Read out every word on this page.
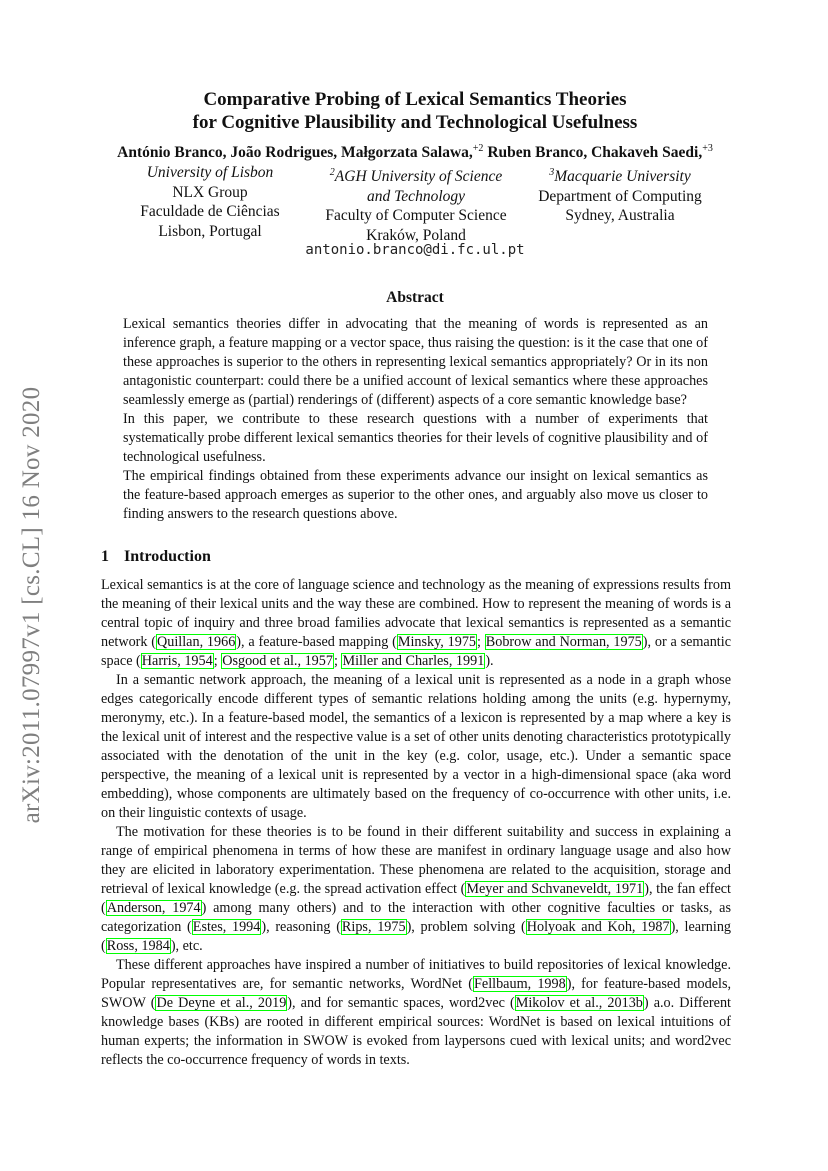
arXiv:2011.07997v1 [cs.CL] 16 Nov 2020
Comparative Probing of Lexical Semantics Theories
for Cognitive Plausibility and Technological Usefulness
António Branco, João Rodrigues, Małgorzata Salawa,$^{+2}$ Ruben Branco, Chakaveh Saedi,$^{+3}$
University of Lisbon
NLX Group
Faculdade de Ciências
Lisbon, Portugal
$^2$AGH University of Science
and Technology
Faculty of Computer Science
Kraków, Poland
$^3$Macquarie University
Department of Computing
Sydney, Australia
antonio.branco@di.fc.ul.pt
Abstract

Lexical semantics theories differ in advocating that the meaning of words is represented as an inference graph, a feature mapping or a vector space, thus raising the question: is it the case that one of these approaches is superior to the others in representing lexical semantics appropriately? Or in its non antagonistic counterpart: could there be a unified account of lexical semantics where these approaches seamlessly emerge as (partial) renderings of (different) aspects of a core semantic knowledge base?

In this paper, we contribute to these research questions with a number of experiments that systematically probe different lexical semantics theories for their levels of cognitive plausibility and of technological usefulness.

The empirical findings obtained from these experiments advance our insight on lexical semantics as the feature-based approach emerges as superior to the other ones, and arguably also move us closer to finding answers to the research questions above.

1 Introduction

Lexical semantics is at the core of language science and technology as the meaning of expressions results from the meaning of their lexical units and the way these are combined. How to represent the meaning of words is a central topic of inquiry and three broad families advocate that lexical semantics is represented as a semantic network (Quillan, 1966), a feature-based mapping (Minsky, 1975; Bobrow and Norman, 1975), or a semantic space (Harris, 1954; Osgood et al., 1957; Miller and Charles, 1991).

In a semantic network approach, the meaning of a lexical unit is represented as a node in a graph whose edges categorically encode different types of semantic relations holding among the units (e.g. hypernymy, meronymy, etc.). In a feature-based model, the semantics of a lexicon is represented by a map where a key is the lexical unit of interest and the respective value is a set of other units denoting characteristics prototypically associated with the denotation of the unit in the key (e.g. color, usage, etc.). Under a semantic space perspective, the meaning of a lexical unit is represented by a vector in a high-dimensional space (aka word embedding), whose components are ultimately based on the frequency of co-occurrence with other units, i.e. on their linguistic contexts of usage.

The motivation for these theories is to be found in their different suitability and success in explaining a range of empirical phenomena in terms of how these are manifest in ordinary language usage and also how they are elicited in laboratory experimentation. These phenomena are related to the acquisition, storage and retrieval of lexical knowledge (e.g. the spread activation effect (Meyer and Schvaneveldt, 1971), the fan effect (Anderson, 1974) among many others) and to the interaction with other cognitive faculties or tasks, as categorization (Estes, 1994), reasoning (Rips, 1975), problem solving (Holyoak and Koh, 1987), learning (Ross, 1984), etc.

These different approaches have inspired a number of initiatives to build repositories of lexical knowledge. Popular representatives are, for semantic networks, WordNet (Fellbaum, 1998), for feature-based models, SWOW (De Deyne et al., 2019), and for semantic spaces, word2vec (Mikolov et al., 2013b) a.o. Different knowledge bases (KBs) are rooted in different empirical sources: WordNet is based on lexical intuitions of human experts; the information in SWOW is evoked from laypersons cued with lexical units; and word2vec reflects the co-occurrence frequency of words in texts.
